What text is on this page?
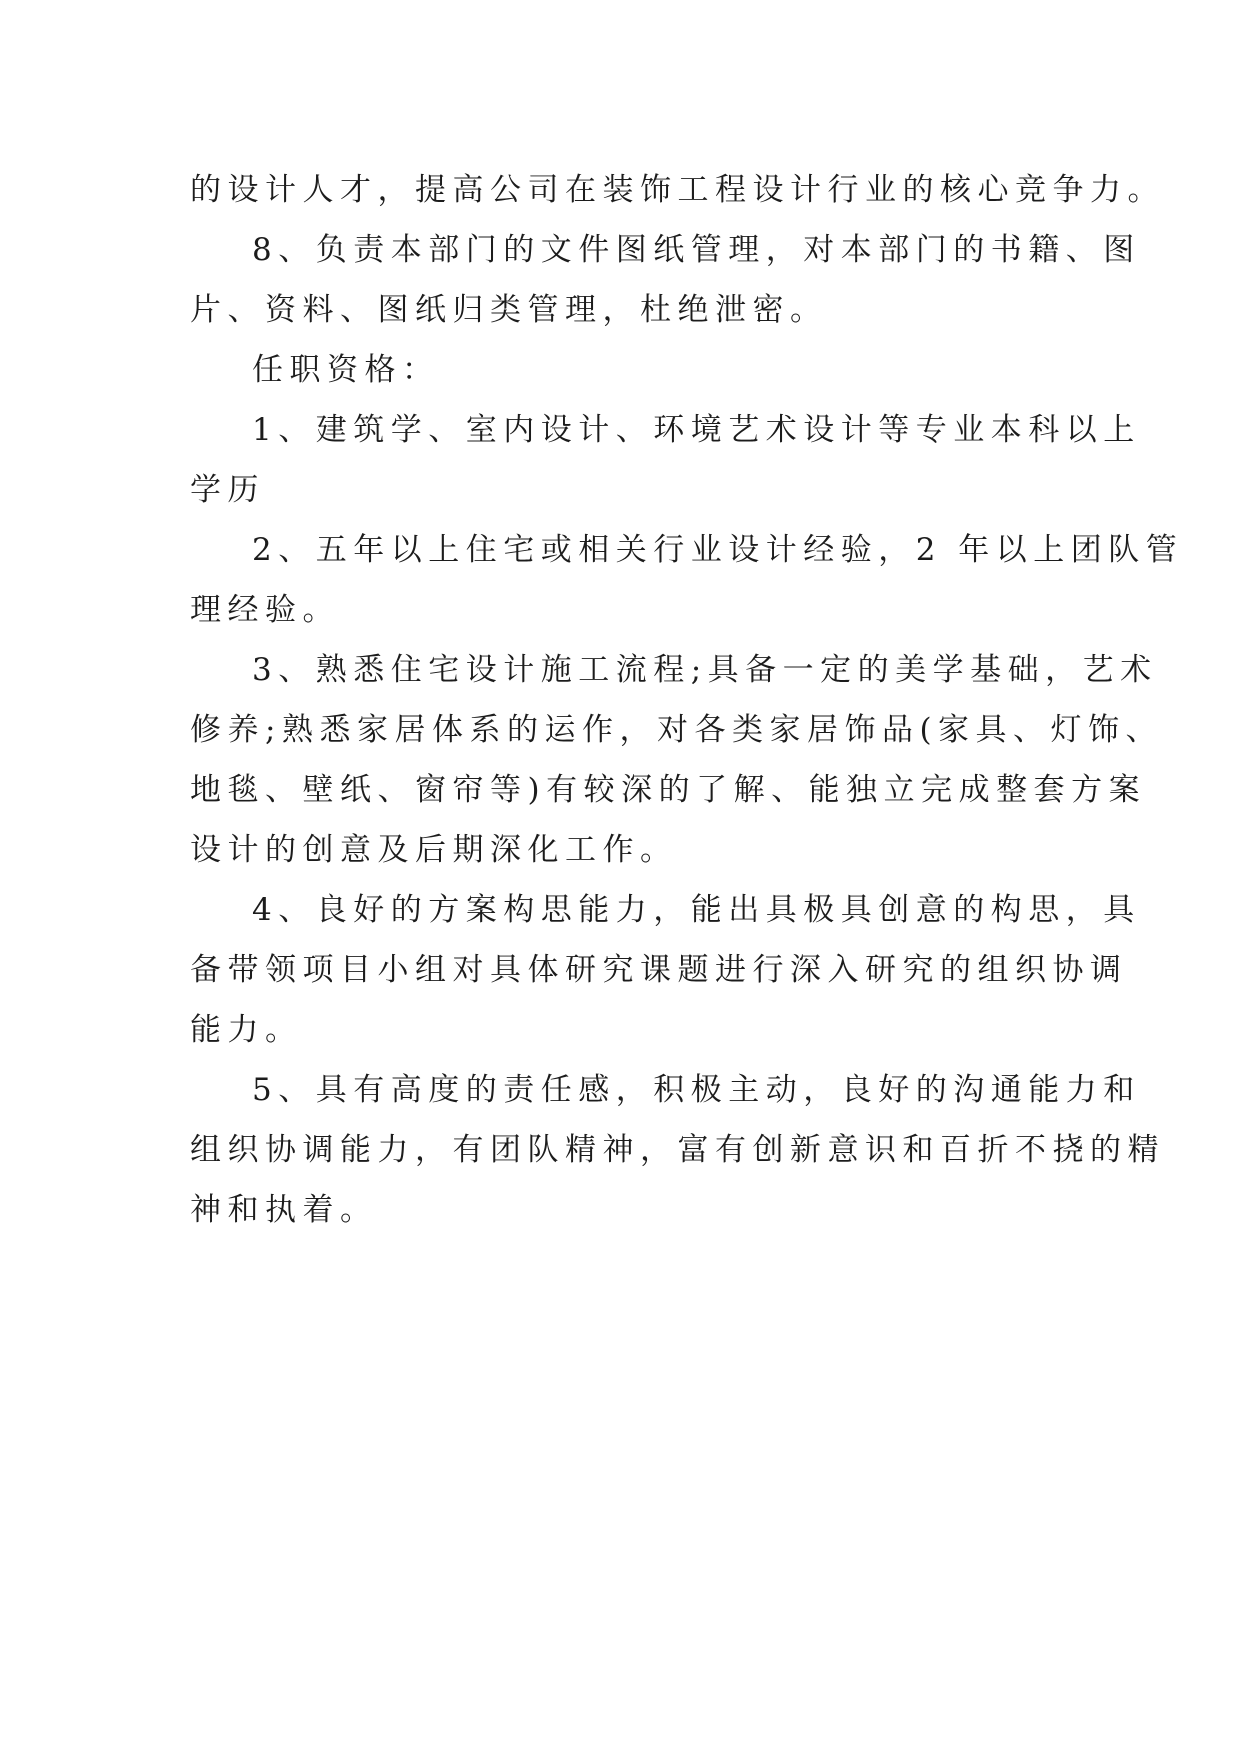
的设计人才，提高公司在装饰工程设计行业的核心竞争力。
8、负责本部门的文件图纸管理，对本部门的书籍、图
片、资料、图纸归类管理，杜绝泄密。
任职资格：
1、建筑学、室内设计、环境艺术设计等专业本科以上
学历
2、五年以上住宅或相关行业设计经验，2 年以上团队管
理经验。
3、熟悉住宅设计施工流程;具备一定的美学基础，艺术
修养;熟悉家居体系的运作，对各类家居饰品(家具、灯饰、
地毯、壁纸、窗帘等)有较深的了解、能独立完成整套方案
设计的创意及后期深化工作。
4、良好的方案构思能力，能出具极具创意的构思，具
备带领项目小组对具体研究课题进行深入研究的组织协调
能力。
5、具有高度的责任感，积极主动，良好的沟通能力和
组织协调能力，有团队精神，富有创新意识和百折不挠的精
神和执着。
